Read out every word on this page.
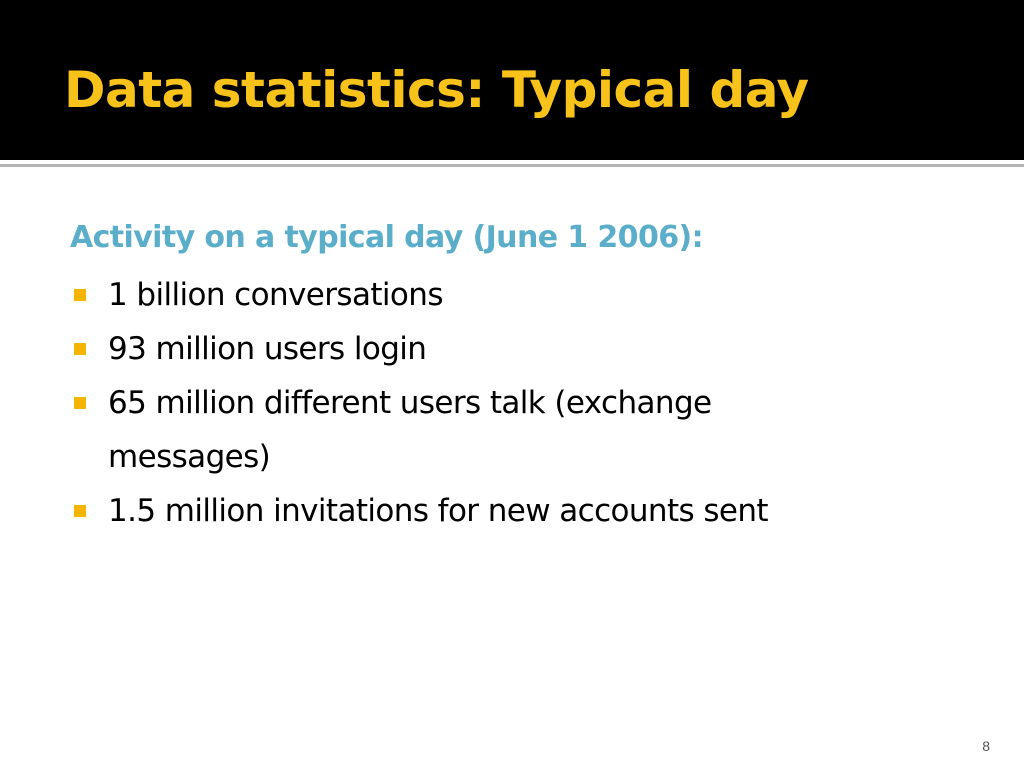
Data statistics: Typical day

Activity on a typical day (June 1 2006):

1 billion conversations
93 million users login
65 million different users talk (exchange messages)
1.5 million invitations for new accounts sent
8
